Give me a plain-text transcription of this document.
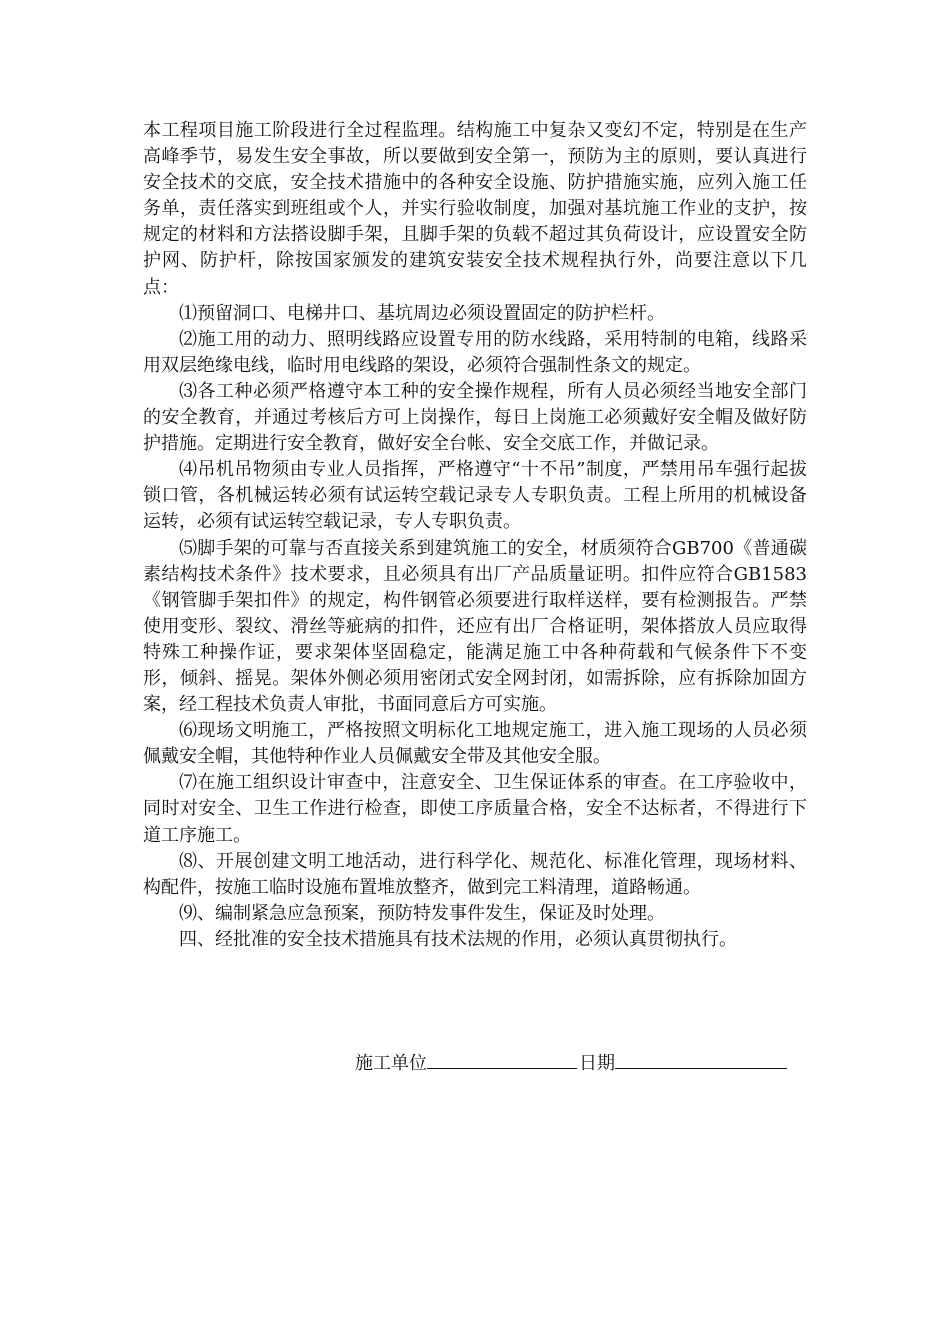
本工程项目施工阶段进行全过程监理。结构施工中复杂又变幻不定，特别是在生产高峰季节，易发生安全事故，所以要做到安全第一，预防为主的原则，要认真进行安全技术的交底，安全技术措施中的各种安全设施、防护措施实施，应列入施工任务单，责任落实到班组或个人，并实行验收制度，加强对基坑施工作业的支护，按规定的材料和方法搭设脚手架，且脚手架的负载不超过其负荷设计，应设置安全防护网、防护杆，除按国家颁发的建筑安装安全技术规程执行外，尚要注意以下几点：

⑴预留洞口、电梯井口、基坑周边必须设置固定的防护栏杆。

⑵施工用的动力、照明线路应设置专用的防水线路，采用特制的电箱，线路采用双层绝缘电线，临时用电线路的架设，必须符合强制性条文的规定。

⑶各工种必须严格遵守本工种的安全操作规程，所有人员必须经当地安全部门的安全教育，并通过考核后方可上岗操作，每日上岗施工必须戴好安全帽及做好防护措施。定期进行安全教育，做好安全台帐、安全交底工作，并做记录。

⑷吊机吊物须由专业人员指挥，严格遵守“十不吊”制度，严禁用吊车强行起拔锁口管，各机械运转必须有试运转空载记录专人专职负责。工程上所用的机械设备运转，必须有试运转空载记录，专人专职负责。

⑸脚手架的可靠与否直接关系到建筑施工的安全，材质须符合GB700《普通碳素结构技术条件》技术要求，且必须具有出厂产品质量证明。扣件应符合GB1583《钢管脚手架扣件》的规定，构件钢管必须要进行取样送样，要有检测报告。严禁使用变形、裂纹、滑丝等疵病的扣件，还应有出厂合格证明，架体搭放人员应取得特殊工种操作证，要求架体坚固稳定，能满足施工中各种荷载和气候条件下不变形，倾斜、摇晃。架体外侧必须用密闭式安全网封闭，如需拆除，应有拆除加固方案，经工程技术负责人审批，书面同意后方可实施。

⑹现场文明施工，严格按照文明标化工地规定施工，进入施工现场的人员必须佩戴安全帽，其他特种作业人员佩戴安全带及其他安全服。

⑺在施工组织设计审查中，注意安全、卫生保证体系的审查。在工序验收中，同时对安全、卫生工作进行检查，即使工序质量合格，安全不达标者，不得进行下道工序施工。

⑻、开展创建文明工地活动，进行科学化、规范化、标准化管理，现场材料、构配件，按施工临时设施布置堆放整齐，做到完工料清理，道路畅通。

⑼、编制紧急应急预案，预防特发事件发生，保证及时处理。

四、经批准的安全技术措施具有技术法规的作用，必须认真贯彻执行。

施工单位	日期
